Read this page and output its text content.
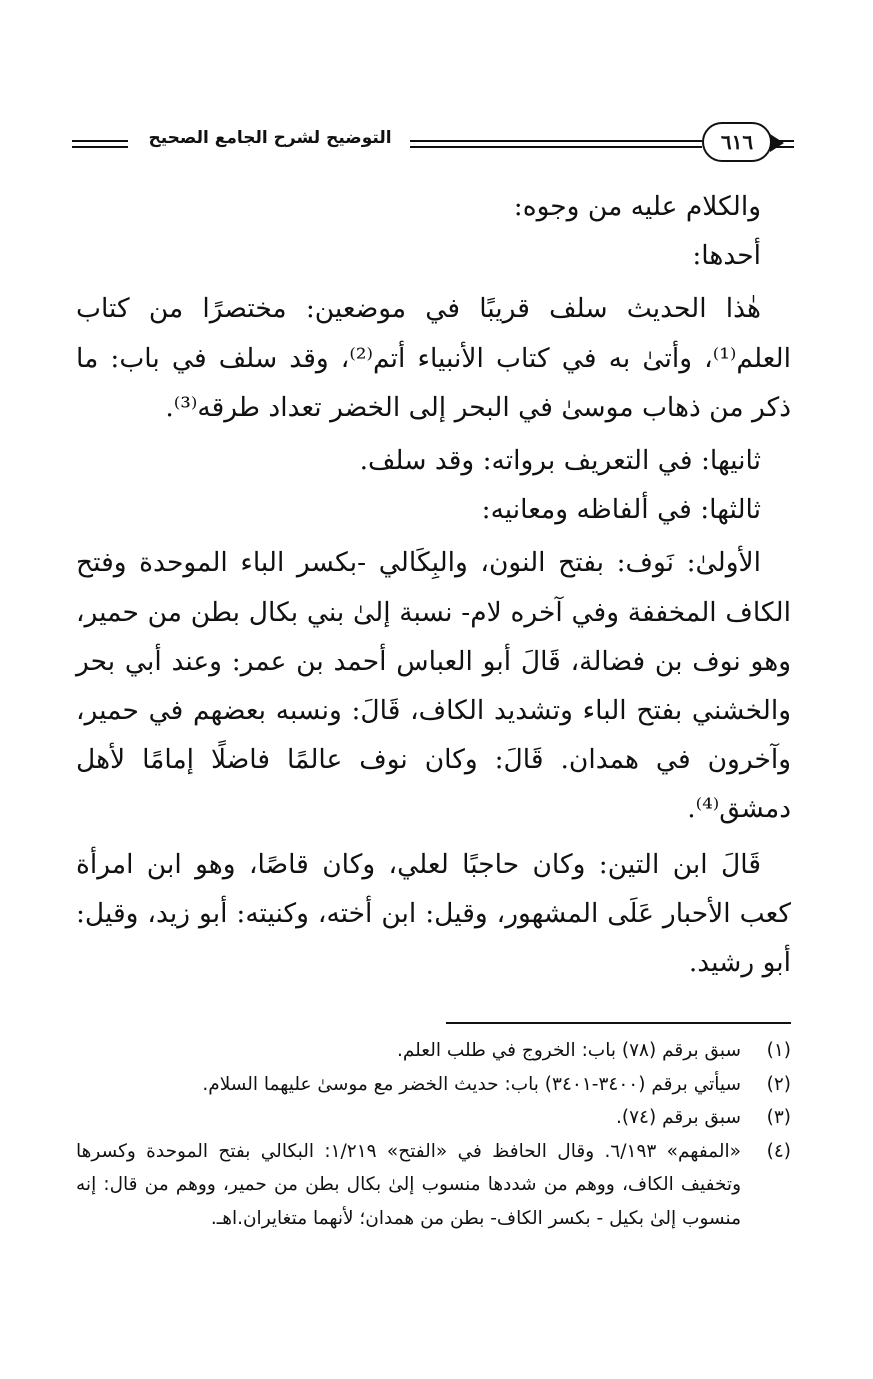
التوضيح لشرح الجامع الصحيح	٦١٦

والكلام عليه من وجوه:

أحدها:

هٰذا الحديث سلف قريبًا في موضعين: مختصرًا من كتاب العلم⁽¹⁾، وأتىٰ به في كتاب الأنبياء أتم⁽²⁾، وقد سلف في باب: ما ذكر من ذهاب موسىٰ في البحر إلى الخضر تعداد طرقه⁽³⁾.

ثانيها: في التعريف برواته: وقد سلف.

ثالثها: في ألفاظه ومعانيه:

الأولىٰ: نَوف: بفتح النون، والبِكَالي -بكسر الباء الموحدة وفتح الكاف المخففة وفي آخره لام- نسبة إلىٰ بني بكال بطن من حمير، وهو نوف بن فضالة، قَالَ أبو العباس أحمد بن عمر: وعند أبي بحر والخشني بفتح الباء وتشديد الكاف، قَالَ: ونسبه بعضهم في حمير، وآخرون في همدان. قَالَ: وكان نوف عالمًا فاضلًا إمامًا لأهل دمشق⁽⁴⁾.

قَالَ ابن التين: وكان حاجبًا لعلي، وكان قاصًا، وهو ابن امرأة كعب الأحبار عَلَى المشهور، وقيل: ابن أخته، وكنيته: أبو زيد، وقيل: أبو رشيد.

(١)
سبق برقم (٧٨) باب: الخروج في طلب العلم.
(٢)
سيأتي برقم (٣٤٠٠-٣٤٠١) باب: حديث الخضر مع موسىٰ عليهما السلام.
(٣)
سبق برقم (٧٤).
(٤)
«المفهم» ٦/١٩٣. وقال الحافظ في «الفتح» ١/٢١٩: البكالي بفتح الموحدة وكسرها وتخفيف الكاف، ووهم من شددها منسوب إلىٰ بكال بطن من حمير، ووهم من قال: إنه منسوب إلىٰ بكيل - بكسر الكاف- بطن من همدان؛ لأنهما متغايران.اهـ.
